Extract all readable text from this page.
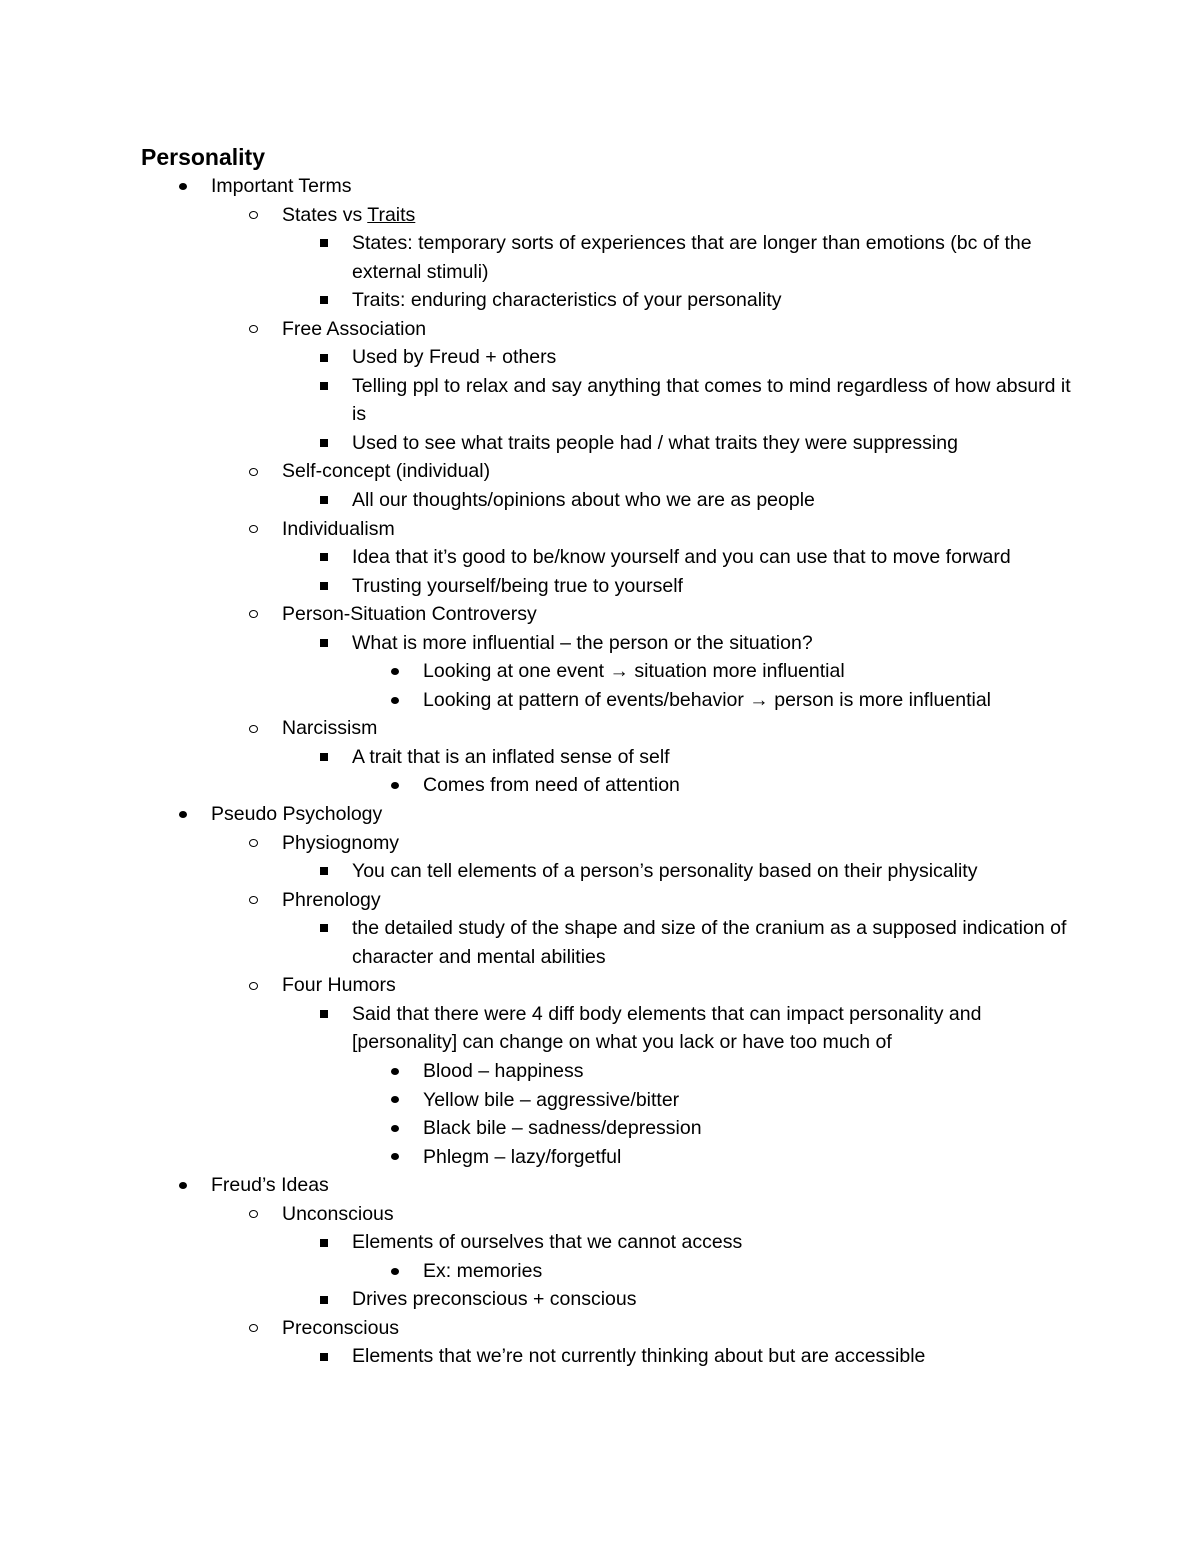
Personality
Important Terms
States vs Traits
States: temporary sorts of experiences that are longer than emotions (bc of the external stimuli)
Traits: enduring characteristics of your personality
Free Association
Used by Freud + others
Telling ppl to relax and say anything that comes to mind regardless of how absurd it is
Used to see what traits people had / what traits they were suppressing
Self-concept (individual)
All our thoughts/opinions about who we are as people
Individualism
Idea that it’s good to be/know yourself and you can use that to move forward
Trusting yourself/being true to yourself
Person-Situation Controversy
What is more influential – the person or the situation?
Looking at one event → situation more influential
Looking at pattern of events/behavior → person is more influential
Narcissism
A trait that is an inflated sense of self
Comes from need of attention
Pseudo Psychology
Physiognomy
You can tell elements of a person’s personality based on their physicality
Phrenology
the detailed study of the shape and size of the cranium as a supposed indication of character and mental abilities
Four Humors
Said that there were 4 diff body elements that can impact personality and [personality] can change on what you lack or have too much of
Blood – happiness
Yellow bile – aggressive/bitter
Black bile – sadness/depression
Phlegm – lazy/forgetful
Freud’s Ideas
Unconscious
Elements of ourselves that we cannot access
Ex: memories
Drives preconscious + conscious
Preconscious
Elements that we’re not currently thinking about but are accessible
